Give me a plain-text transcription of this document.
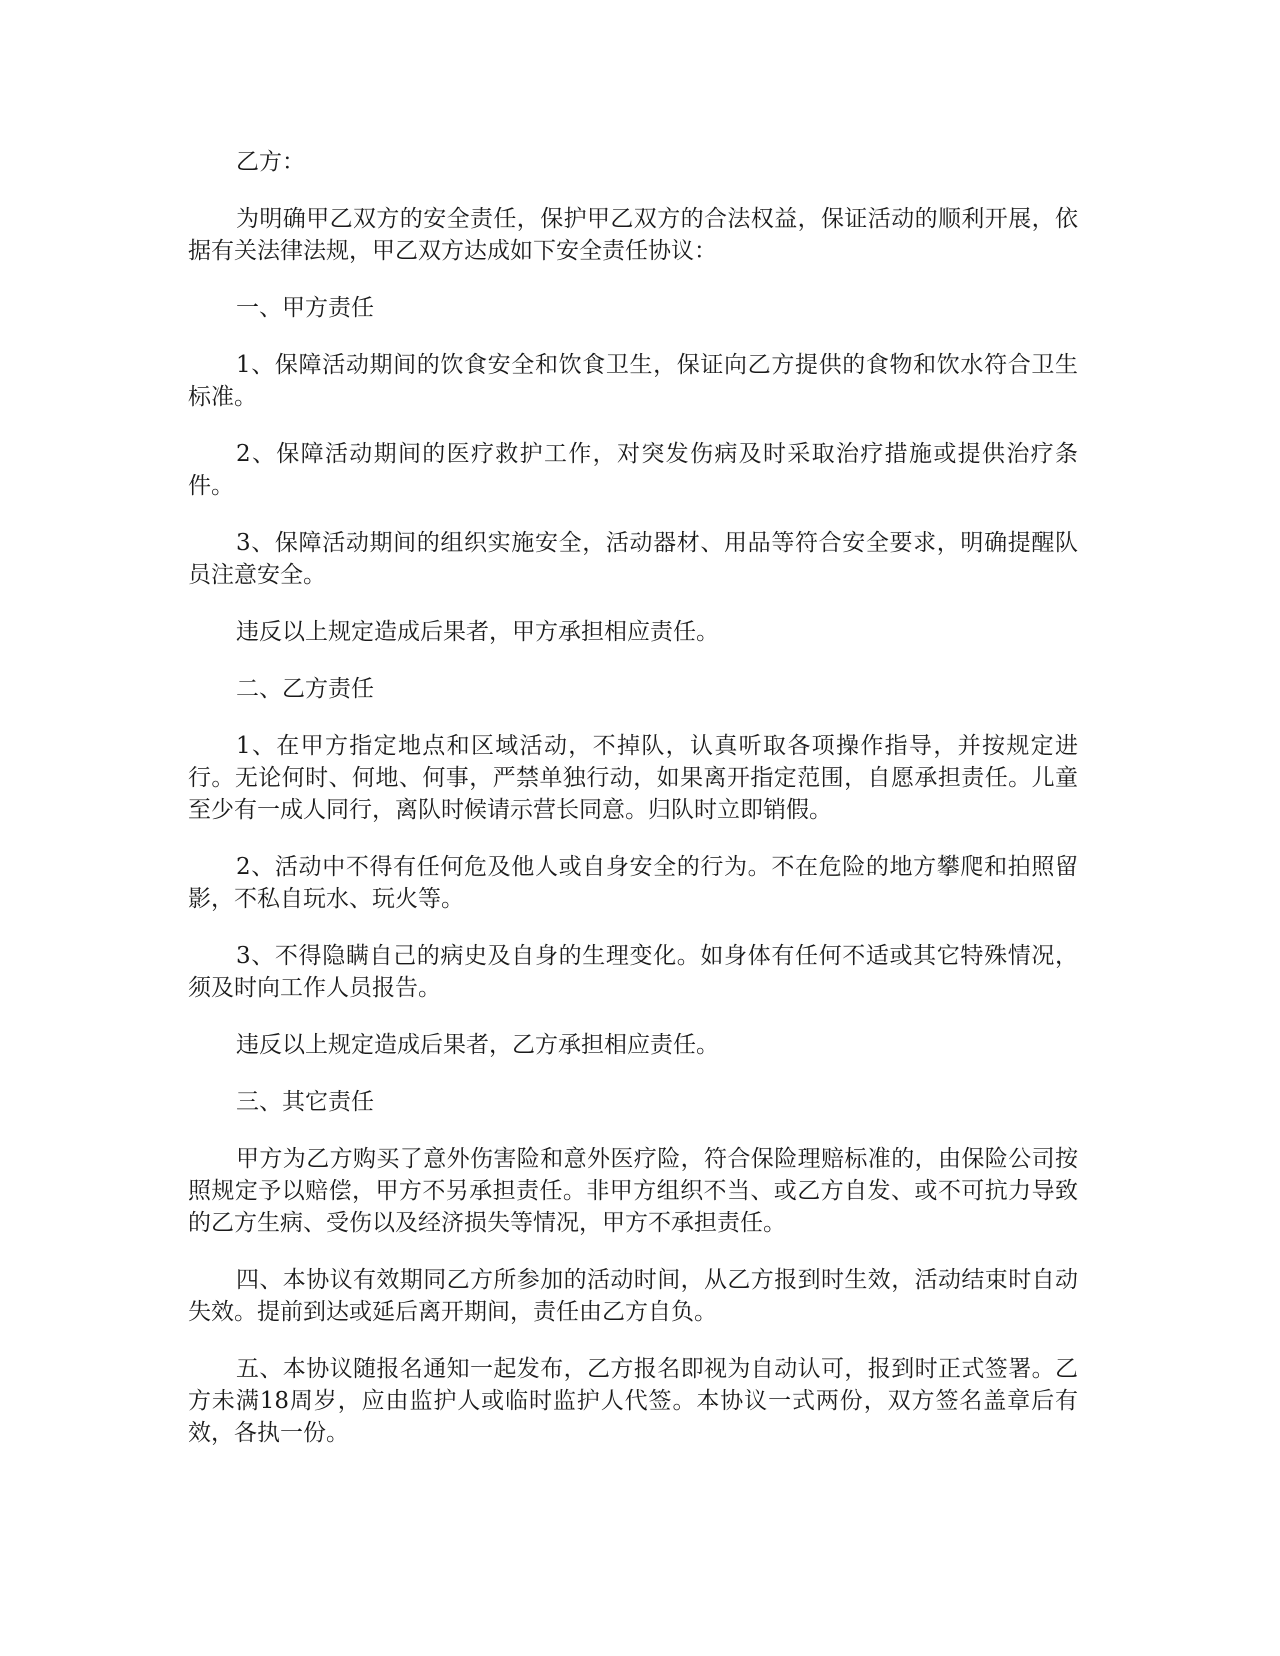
乙方：

为明确甲乙双方的安全责任，保护甲乙双方的合法权益，保证活动的顺利开展，依据有关法律法规，甲乙双方达成如下安全责任协议：

一、甲方责任

1、保障活动期间的饮食安全和饮食卫生，保证向乙方提供的食物和饮水符合卫生标准。

2、保障活动期间的医疗救护工作，对突发伤病及时采取治疗措施或提供治疗条件。

3、保障活动期间的组织实施安全，活动器材、用品等符合安全要求，明确提醒队员注意安全。

违反以上规定造成后果者，甲方承担相应责任。

二、乙方责任

1、在甲方指定地点和区域活动，不掉队，认真听取各项操作指导，并按规定进行。无论何时、何地、何事，严禁单独行动，如果离开指定范围，自愿承担责任。儿童至少有一成人同行，离队时候请示营长同意。归队时立即销假。

2、活动中不得有任何危及他人或自身安全的行为。不在危险的地方攀爬和拍照留影，不私自玩水、玩火等。

3、不得隐瞒自己的病史及自身的生理变化。如身体有任何不适或其它特殊情况，须及时向工作人员报告。

违反以上规定造成后果者，乙方承担相应责任。

三、其它责任

甲方为乙方购买了意外伤害险和意外医疗险，符合保险理赔标准的，由保险公司按照规定予以赔偿，甲方不另承担责任。非甲方组织不当、或乙方自发、或不可抗力导致的乙方生病、受伤以及经济损失等情况，甲方不承担责任。

四、本协议有效期同乙方所参加的活动时间，从乙方报到时生效，活动结束时自动失效。提前到达或延后离开期间，责任由乙方自负。

五、本协议随报名通知一起发布，乙方报名即视为自动认可，报到时正式签署。乙方未满18周岁，应由监护人或临时监护人代签。本协议一式两份，双方签名盖章后有效，各执一份。
